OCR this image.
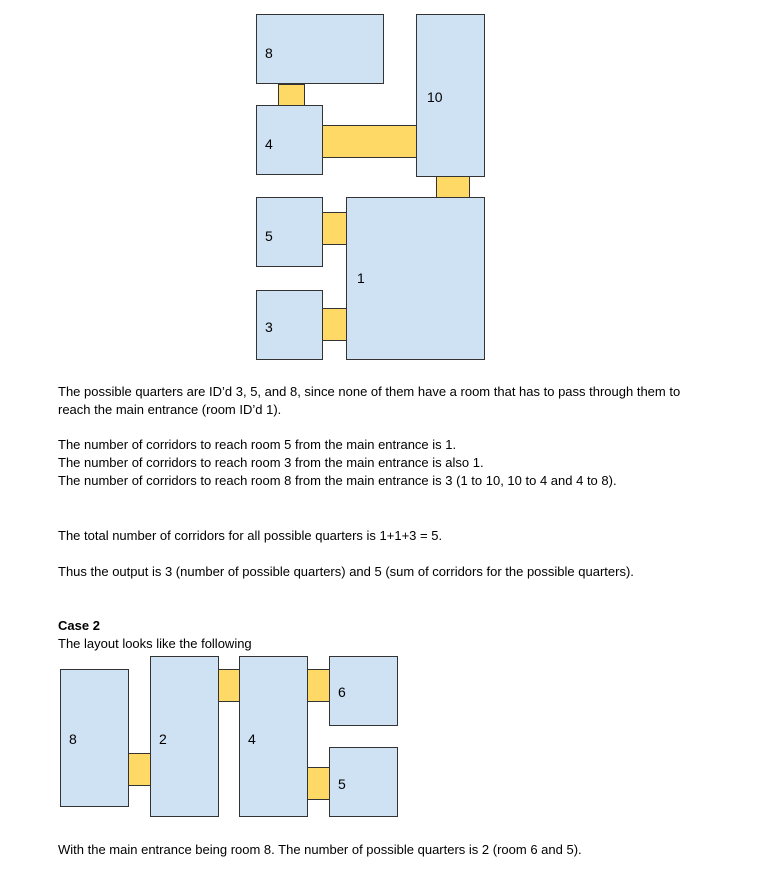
8
4
10
5
3
1

The possible quarters are ID’d 3, 5, and 8, since none of them have a room that has to pass through them to reach the main entrance (room ID’d 1).

The number of corridors to reach room 5 from the main entrance is 1.

The number of corridors to reach room 3 from the main entrance is also 1.

The number of corridors to reach room 8 from the main entrance is 3 (1 to 10, 10 to 4 and 4 to 8).

The total number of corridors for all possible quarters is 1+1+3 = 5.

Thus the output is 3 (number of possible quarters) and 5 (sum of corridors for the possible quarters).

Case 2

The layout looks like the following

8	2	4
6
5

With the main entrance being room 8. The number of possible quarters is 2 (room 6 and 5).
